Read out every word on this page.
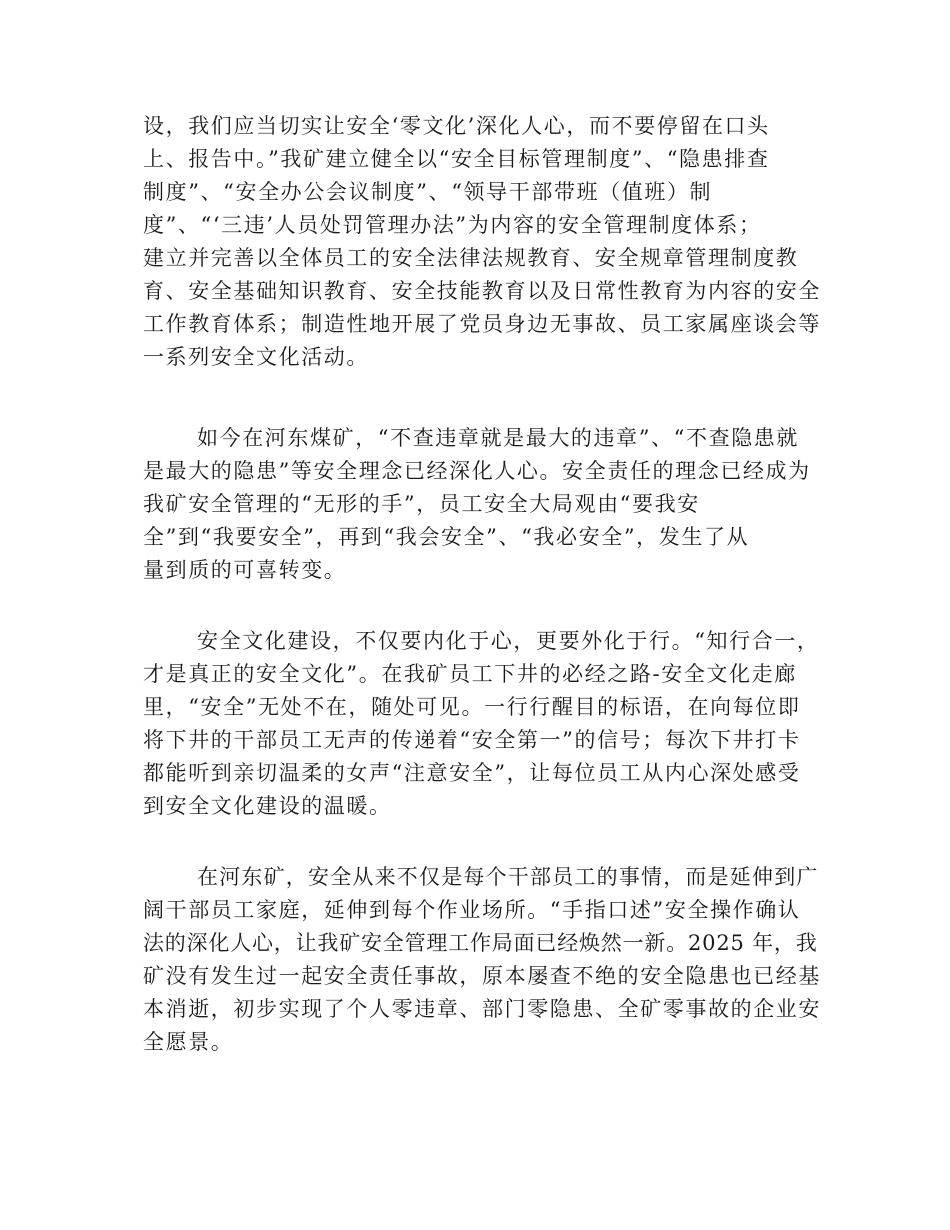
设，我们应当切实让安全‘零文化’深化人心，而不要停留在口头
上、报告中。”我矿建立健全以“安全目标管理制度”、“隐患排查
制度”、“安全办公会议制度”、“领导干部带班（值班）制
度”、“‘三违’人员处罚管理办法”为内容的安全管理制度体系；
建立并完善以全体员工的安全法律法规教育、安全规章管理制度教
育、安全基础知识教育、安全技能教育以及日常性教育为内容的安全
工作教育体系；制造性地开展了党员身边无事故、员工家属座谈会等
一系列安全文化活动。
如今在河东煤矿，“不查违章就是最大的违章”、“不查隐患就
是最大的隐患”等安全理念已经深化人心。安全责任的理念已经成为
我矿安全管理的“无形的手”，员工安全大局观由“要我安
全”到“我要安全”，再到“我会安全”、“我必安全”，发生了从
量到质的可喜转变。
安全文化建设，不仅要内化于心，更要外化于行。“知行合一，
才是真正的安全文化”。在我矿员工下井的必经之路-安全文化走廊
里，“安全”无处不在，随处可见。一行行醒目的标语，在向每位即
将下井的干部员工无声的传递着“安全第一”的信号；每次下井打卡
都能听到亲切温柔的女声“注意安全”，让每位员工从内心深处感受
到安全文化建设的温暖。
在河东矿，安全从来不仅是每个干部员工的事情，而是延伸到广
阔干部员工家庭，延伸到每个作业场所。“手指口述”安全操作确认
法的深化人心，让我矿安全管理工作局面已经焕然一新。2025 年，我
矿没有发生过一起安全责任事故，原本屡查不绝的安全隐患也已经基
本消逝，初步实现了个人零违章、部门零隐患、全矿零事故的企业安
全愿景。
